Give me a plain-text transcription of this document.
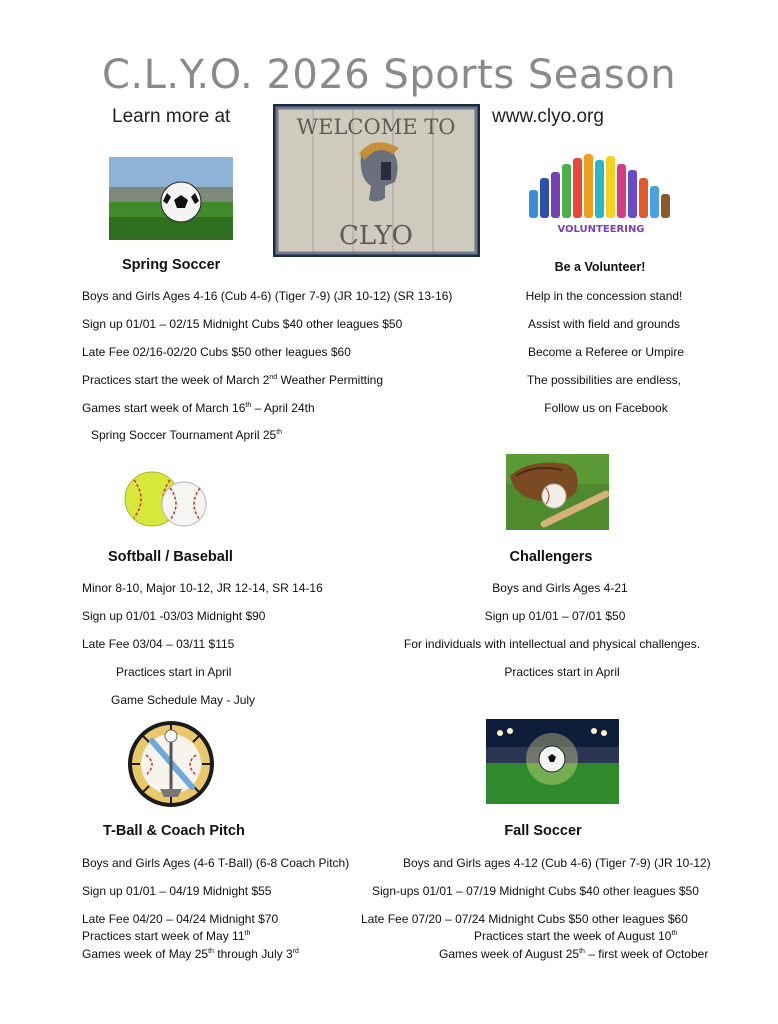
C.L.Y.O. 2026 Sports Season
Learn more at	www.clyo.org
WELCOME TO
CLYO	VOLUNTEERING
Spring Soccer
Boys and Girls Ages 4-16 (Cub 4-6) (Tiger 7-9) (JR 10-12) (SR 13-16)
Sign up 01/01 – 02/15 Midnight Cubs $40 other leagues $50
Late Fee 02/16-02/20 Cubs $50 other leagues $60
Practices start the week of March 2nd Weather Permitting
Games start week of March 16th – April 24th
Spring Soccer Tournament April 25th
Be a Volunteer!
Help in the concession stand!
Assist with field and grounds
Become a Referee or Umpire
The possibilities are endless,
Follow us on Facebook
Softball / Baseball
Minor 8-10, Major 10-12, JR 12-14, SR 14-16
Sign up 01/01 -03/03 Midnight $90
Late Fee 03/04 – 03/11 $115
Practices start in April
Game Schedule May - July
Challengers
Boys and Girls Ages 4-21
Sign up 01/01 – 07/01 $50
For individuals with intellectual and physical challenges.
Practices start in April
T-Ball & Coach Pitch
Boys and Girls Ages (4-6 T-Ball) (6-8 Coach Pitch)
Sign up 01/01 – 04/19 Midnight $55
Late Fee 04/20 – 04/24 Midnight $70
Practices start week of May 11th
Games week of May 25th through July 3rd
Fall Soccer
Boys and Girls ages 4-12 (Cub 4-6) (Tiger 7-9) (JR 10-12)
Sign-ups 01/01 – 07/19 Midnight Cubs $40 other leagues $50
Late Fee 07/20 – 07/24 Midnight Cubs $50 other leagues $60
Practices start the week of August 10th
Games week of August 25th – first week of October
